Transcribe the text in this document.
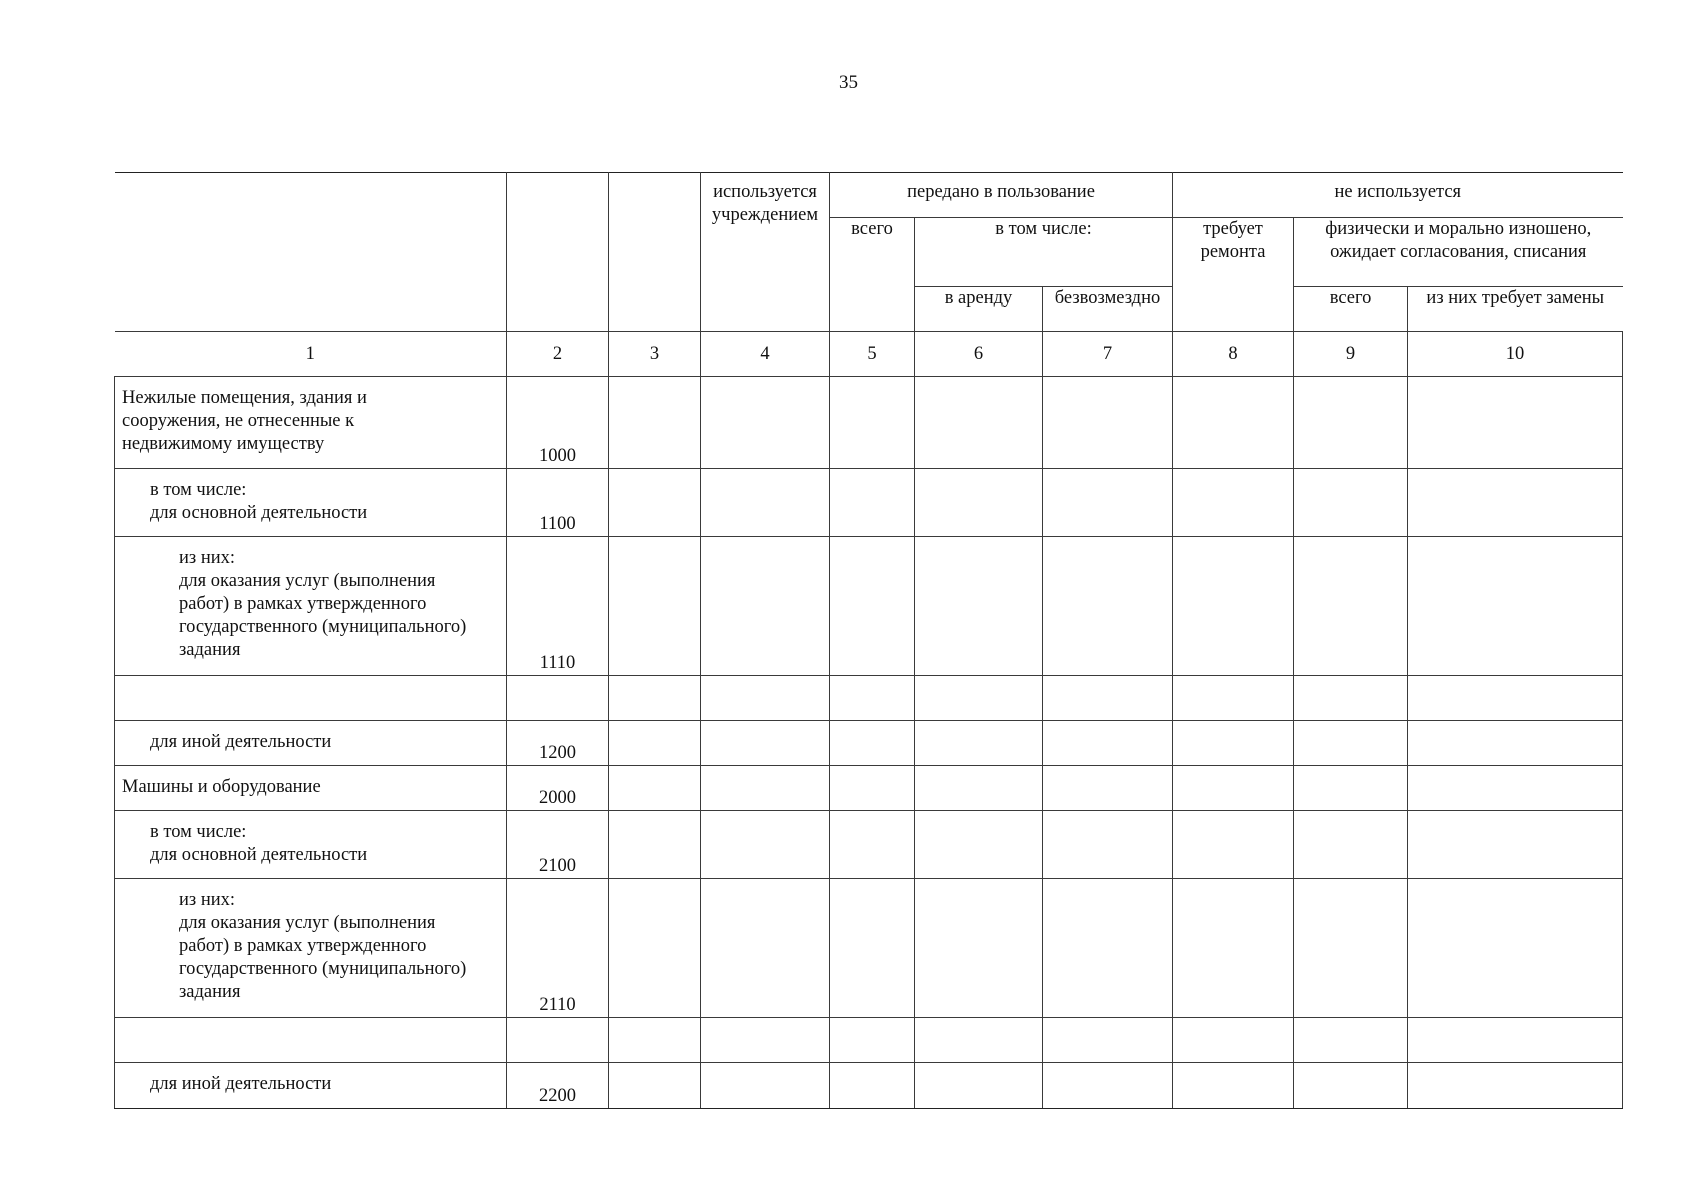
35
			используется учреждением	передано в пользование			не используется		
				всего	в том числе:		требует ремонта	физически и морально изношено, ожидает согласования, списания	
					в аренду	безвозмездно		всего	из них требует замены
1	2	3	4	5	6	7	8	9	10

Нежилые помещения, здания и
сооружения, не отнесенные к
недвижимому имуществу	1000								

в том числе:
для основной деятельности	1100								

из них:
для оказания услуг (выполнения
работ) в рамках утвержденного
государственного (муниципального)
задания	1110								

для иной деятельности	1200								

Машины и оборудование	2000								

в том числе:
для основной деятельности	2100								

из них:
для оказания услуг (выполнения
работ) в рамках утвержденного
государственного (муниципального)
задания	2110								

для иной деятельности	2200								
